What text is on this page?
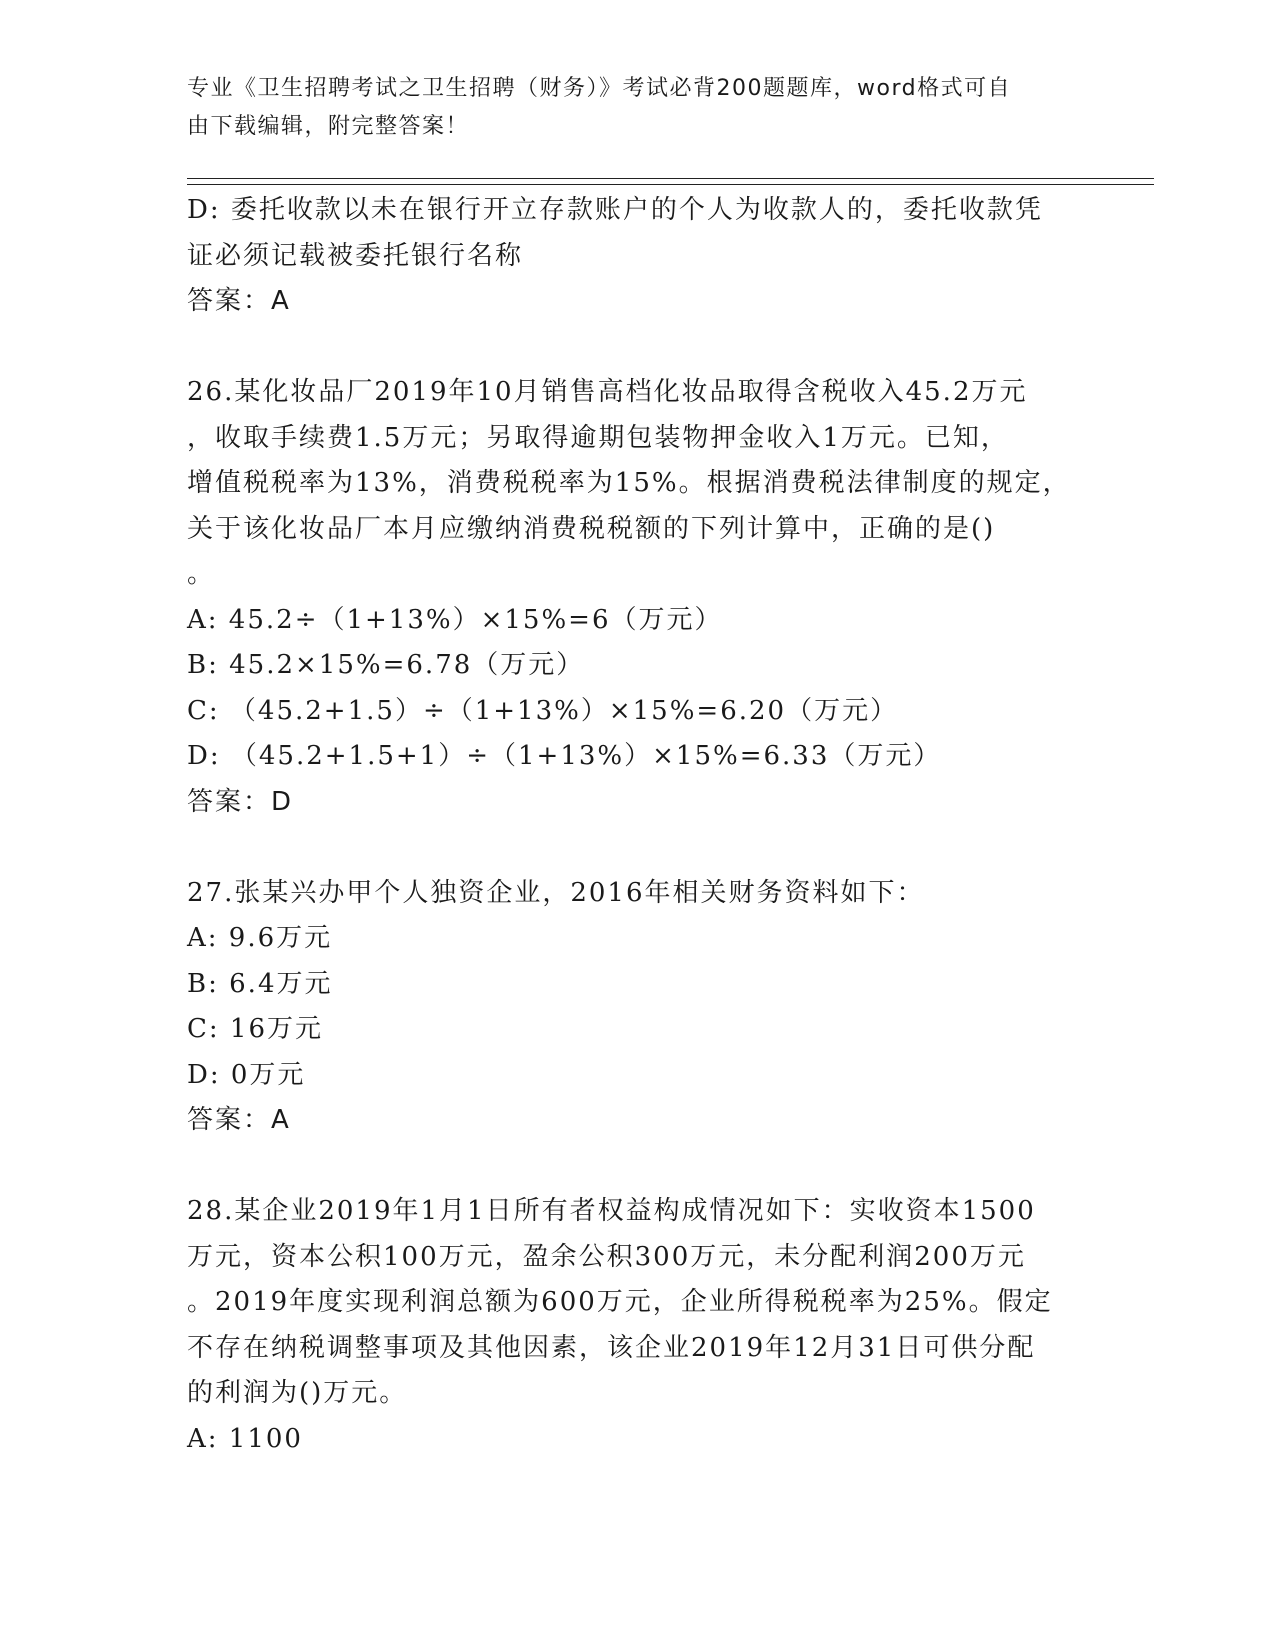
专业《卫生招聘考试之卫生招聘（财务）》考试必背200题题库，word格式可自
由下载编辑，附完整答案！
D: 委托收款以未在银行开立存款账户的个人为收款人的，委托收款凭
证必须记载被委托银行名称
答案：A
26.某化妆品厂2019年10月销售高档化妆品取得含税收入45.2万元
，收取手续费1.5万元；另取得逾期包装物押金收入1万元。已知，
增值税税率为13%，消费税税率为15%。根据消费税法律制度的规定，
关于该化妆品厂本月应缴纳消费税税额的下列计算中，正确的是()
。
A: 45.2÷（1+13%）×15%=6（万元）
B: 45.2×15%=6.78（万元）
C: （45.2+1.5）÷（1+13%）×15%=6.20（万元）
D: （45.2+1.5+1）÷（1+13%）×15%=6.33（万元）
答案：D
27.张某兴办甲个人独资企业，2016年相关财务资料如下：
A: 9.6万元
B: 6.4万元
C: 16万元
D: 0万元
答案：A
28.某企业2019年1月1日所有者权益构成情况如下：实收资本1500
万元，资本公积100万元，盈余公积300万元，未分配利润200万元
。2019年度实现利润总额为600万元，企业所得税税率为25%。假定
不存在纳税调整事项及其他因素，该企业2019年12月31日可供分配
的利润为()万元。
A: 1100
